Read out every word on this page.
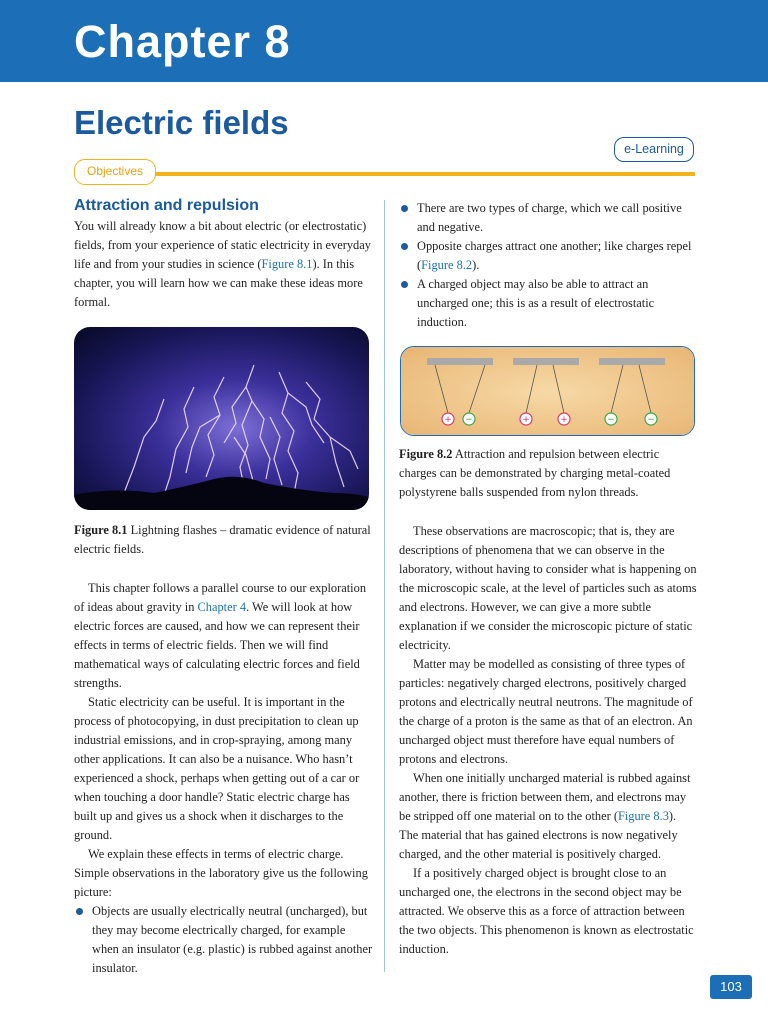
Chapter 8
Electric fields
e-Learning
Objectives
Attraction and repulsion

You will already know a bit about electric (or electrostatic) fields, from your experience of static electricity in everyday life and from your studies in science (Figure 8.1). In this chapter, you will learn how we can make these ideas more formal.

Figure 8.1 Lightning flashes – dramatic evidence of natural electric fields.

This chapter follows a parallel course to our exploration of ideas about gravity in Chapter 4. We will look at how electric forces are caused, and how we can represent their effects in terms of electric fields. Then we will find mathematical ways of calculating electric forces and field strengths.

Static electricity can be useful. It is important in the process of photocopying, in dust precipitation to clean up industrial emissions, and in crop-spraying, among many other applications. It can also be a nuisance. Who hasn’t experienced a shock, perhaps when getting out of a car or when touching a door handle? Static electric charge has built up and gives us a shock when it discharges to the ground.

We explain these effects in terms of electric charge. Simple observations in the laboratory give us the following picture:

Objects are usually electrically neutral (uncharged), but they may become electrically charged, for example when an insulator (e.g. plastic) is rubbed against another insulator.
There are two types of charge, which we call positive and negative.
Opposite charges attract one another; like charges repel (Figure 8.2).
A charged object may also be able to attract an uncharged one; this is as a result of electrostatic induction.
+ −	+	+	−	−

Figure 8.2 Attraction and repulsion between electric charges can be demonstrated by charging metal-coated polystyrene balls suspended from nylon threads.

These observations are macroscopic; that is, they are descriptions of phenomena that we can observe in the laboratory, without having to consider what is happening on the microscopic scale, at the level of particles such as atoms and electrons. However, we can give a more subtle explanation if we consider the microscopic picture of static electricity.

Matter may be modelled as consisting of three types of particles: negatively charged electrons, positively charged protons and electrically neutral neutrons. The magnitude of the charge of a proton is the same as that of an electron. An uncharged object must therefore have equal numbers of protons and electrons.

When one initially uncharged material is rubbed against another, there is friction between them, and electrons may be stripped off one material on to the other (Figure 8.3). The material that has gained electrons is now negatively charged, and the other material is positively charged.

If a positively charged object is brought close to an uncharged one, the electrons in the second object may be attracted. We observe this as a force of attraction between the two objects. This phenomenon is known as electrostatic induction.

103
